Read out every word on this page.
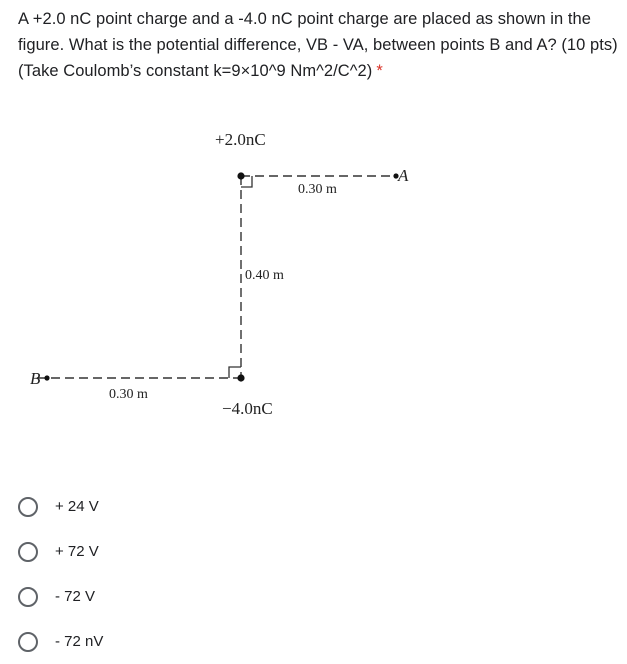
A +2.0 nC point charge and a -4.0 nC point charge are placed as shown in the figure. What is the potential difference, VB - VA, between points B and A? (10 pts)(Take Coulomb’s constant k=9×10^9 Nm^2/C^2) *
+2.0nC
−4.0nC
A
B
0.30 m
0.40 m
0.30 m
+ 24 V
+ 72 V
- 72 V
- 72 nV
